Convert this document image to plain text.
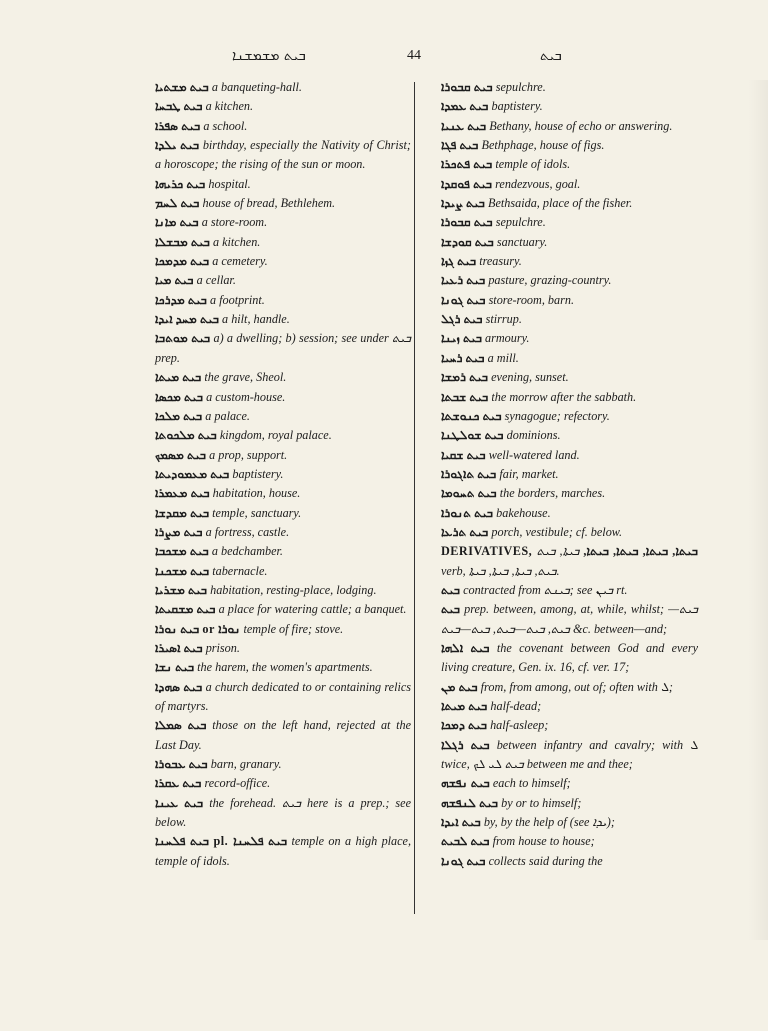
ܒܝܬ ܡܫܡܫܢܐ	44	ܒܝܬ
ܒܝܬ ܡܫܬܝܐ a banqueting-hall.
ܒܝܬ ܛܒܚܐ a kitchen.
ܒܝܬ ܣܦܪܐ a school.
ܒܝܬ ܝܠܕܐ birthday, especially the Nativity of Christ; a horoscope; the rising of the sun or moon.
ܒܝܬ ܟܪܝܗܐ hospital.
ܒܝܬ ܠܚܡ house of bread, Bethlehem.
ܒܝܬ ܡܐܢܐ a store-room.
ܒܝܬ ܡܒܫܠܐ a kitchen.
ܒܝܬ ܡܕܡܟܐ a cemetery.
ܒܝܬ ܡܝܐ a cellar.
ܒܝܬ ܡܕܪܟܐ a footprint.
ܒܝܬ ܡܚܕ ܐܝܕܐ a hilt, handle.
ܒܝܬ ܡܘܬܒܐ a) a dwelling; b) session; see under ܒܝܬ prep.
ܒܝܬ ܡܝܬܐ the grave, Sheol.
ܒܝܬ ܡܟܣܐ a custom-house.
ܒܝܬ ܡܠܟܐ a palace.
ܒܝܬ ܡܠܟܘܬܐ kingdom, royal palace.
ܒܝܬ ܡܣܡܟ a prop, support.
ܒܝܬ ܡܥܡܘܕܝܬܐ baptistery.
ܒܝܬ ܡܥܡܪܐ habitation, house.
ܒܝܬ ܡܩܕܫܐ temple, sanctuary.
ܒܝܬ ܡܨܪܐ a fortress, castle.
ܒܝܬ ܡܫܟܒܐ a bedchamber.
ܒܝܬ ܡܫܟܢܐ tabernacle.
ܒܝܬ ܡܫܪܝܐ habitation, resting-place, lodging.
ܒܝܬ ܡܫܩܝܬܐ a place for watering cattle; a banquet.
ܒܝܬ ܢܘܪܐ or ܢܘܪܐ temple of fire; stove.
ܒܝܬ ܐܣܝܪܐ prison.
ܒܝܬ ܢܫܐ the harem, the women's apartments.
ܒܝܬ ܣܗܕܐ a church dedicated to or containing relics of martyrs.
ܒܝܬ ܣܡܠܐ those on the left hand, rejected at the Last Day.
ܒܝܬ ܥܒܘܪܐ barn, granary.
ܒܝܬ ܥܩܪܐ record-office.
ܒܝܬ ܥܝܢܐ the forehead. ܒܝܬ here is a prep.; see below.
ܒܝܬ ܦܠܚܢܐ pl. ܒܝܬ ܦܠܚܢܐ temple on a high place, temple of idols.
ܒܝܬ ܩܒܘܪܐ sepulchre.
ܒܝܬ ܥܡܕܐ baptistery.
ܒܝܬ ܥܢܝܐ Bethany, house of echo or answering.
ܒܝܬ ܦܓܐ Bethphage, house of figs.
ܒܝܬ ܦܬܟܪܐ temple of idols.
ܒܝܬ ܦܘܩܕܐ rendezvous, goal.
ܒܝܬ ܨܝܕܐ Bethsaida, place of the fisher.
ܒܝܬ ܩܒܘܪܐ sepulchre.
ܒܝܬ ܩܘܕܫܐ sanctuary.
ܒܝܬ ܓܙܐ treasury.
ܒܝܬ ܪܥܝܐ pasture, grazing-country.
ܒܝܬ ܓܘܢܐ store-room, barn.
ܒܝܬ ܪܓܠ stirrup.
ܒܝܬ ܙܝܢܐ armoury.
ܒܝܬ ܪܚܝܐ a mill.
ܒܝܬ ܪܡܫܐ evening, sunset.
ܒܝܬ ܫܒܬܐ the morrow after the sabbath.
ܒܝܬ ܟܢܘܫܬܐ synagogue; refectory.
ܒܝܬ ܫܘܠܛܢܐ dominions.
ܒܝܬ ܫܩܝܐ well-watered land.
ܒܝܬ ܬܐܓܘܪܐ fair, market.
ܒܝܬ ܬܚܘܡܐ the borders, marches.
ܒܝܬ ܬܢܘܪܐ bakehouse.
ܒܝܬ ܬܪܥܐ porch, vestibule; cf. below.
DERIVATIVES, ܒܝܬܐ, ܒܝܬܐ, ܒܝܬܐ, ܒܝܬܐ, ܒܝܬܐ, ܒܝܬ verb, ܒܝܬ, ܒܝܬܐ, ܒܝܬܐ, ܒܝܬܐ.
ܒܝܬ contracted from ܒܝܢܬ; see ܒܝܢ rt.
ܒܝܬ prep. between, among, at, while, whilst; ܒܝܬ—ܒܝܬ, ܒܝܬ—ܒܝܬ, ܒܝܬ—ܒܝܬ &c. between—and;
ܒܝܬ ܐܠܗܐ the covenant between God and every living creature, Gen. ix. 16, cf. ver. 17;
ܒܝܬ ܡܢ from, from among, out of; often with ܠ;
ܒܝܬ ܡܝܬܐ half-dead;
ܒܝܬ ܕܡܟܐ half-asleep;
ܒܝܬ ܪܓܠܐ between infantry and cavalry; with ܠ twice, ܒܝܬ ܠܝ ܠܟ between me and thee;
ܒܝܬ ܢܦܫܗ each to himself;
ܒܝܬ ܠܢܦܫܗ by or to himself;
ܒܝܬ ܐܝܕܐ by, by the help of (see ܝܕܐ);
ܒܝܬ ܠܒܝܬ from house to house;
ܒܝܬ ܓܘܢܐ collects said during the
